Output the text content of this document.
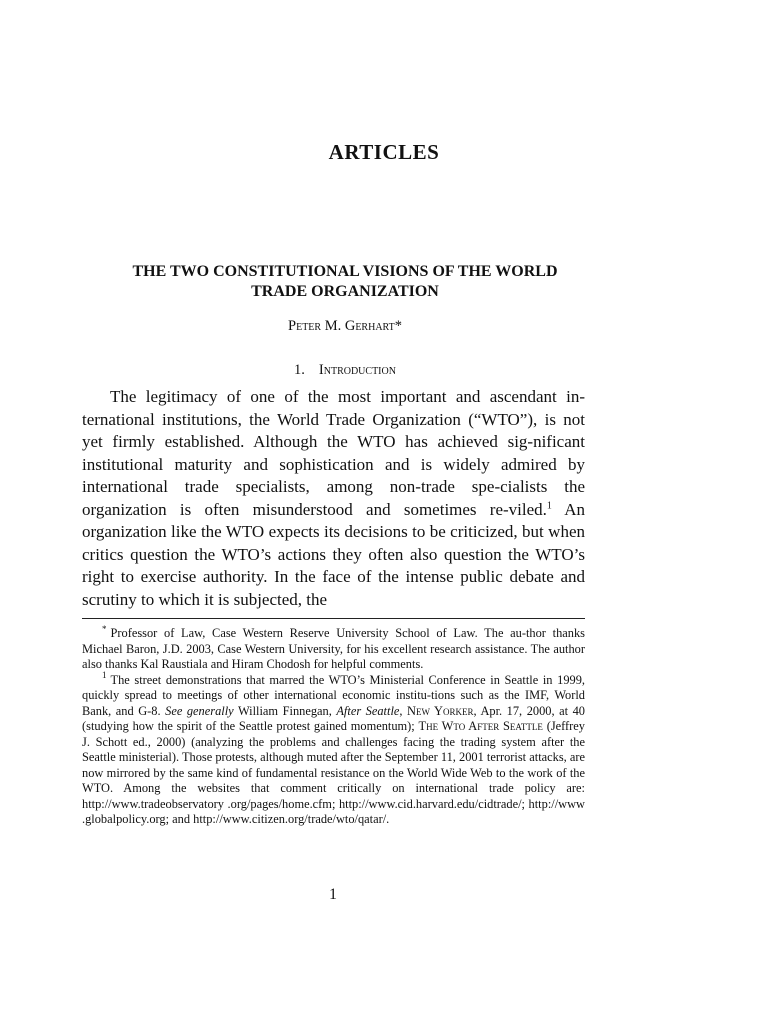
ARTICLES
THE TWO CONSTITUTIONAL VISIONS OF THE WORLD
TRADE ORGANIZATION
Peter M. Gerhart*
1. Introduction

The legitimacy of one of the most important and ascendant in-ternational institutions, the World Trade Organization (“WTO”), is not yet firmly established. Although the WTO has achieved sig-nificant institutional maturity and sophistication and is widely admired by international trade specialists, among non-trade spe-cialists the organization is often misunderstood and sometimes re-viled.$^1$ An organization like the WTO expects its decisions to be criticized, but when critics question the WTO’s actions they often also question the WTO’s right to exercise authority. In the face of the intense public debate and scrutiny to which it is subjected, the

* Professor of Law, Case Western Reserve University School of Law. The au-thor thanks Michael Baron, J.D. 2003, Case Western University, for his excellent research assistance. The author also thanks Kal Raustiala and Hiram Chodosh for helpful comments.

$^1$ The street demonstrations that marred the WTO’s Ministerial Conference in Seattle in 1999, quickly spread to meetings of other international economic institu-tions such as the IMF, World Bank, and G-8. See generally William Finnegan, After Seattle, New Yorker, Apr. 17, 2000, at 40 (studying how the spirit of the Seattle protest gained momentum); The Wto After Seattle (Jeffrey J. Schott ed., 2000) (analyzing the problems and challenges facing the trading system after the Seattle ministerial). Those protests, although muted after the September 11, 2001 terrorist attacks, are now mirrored by the same kind of fundamental resistance on the World Wide Web to the work of the WTO. Among the websites that comment critically on international trade policy are: http://www.tradeobservatory .org/pages/home.cfm; http://www.cid.harvard.edu/cidtrade/; http://www .globalpolicy.org; and http://www.citizen.org/trade/wto/qatar/.

1
